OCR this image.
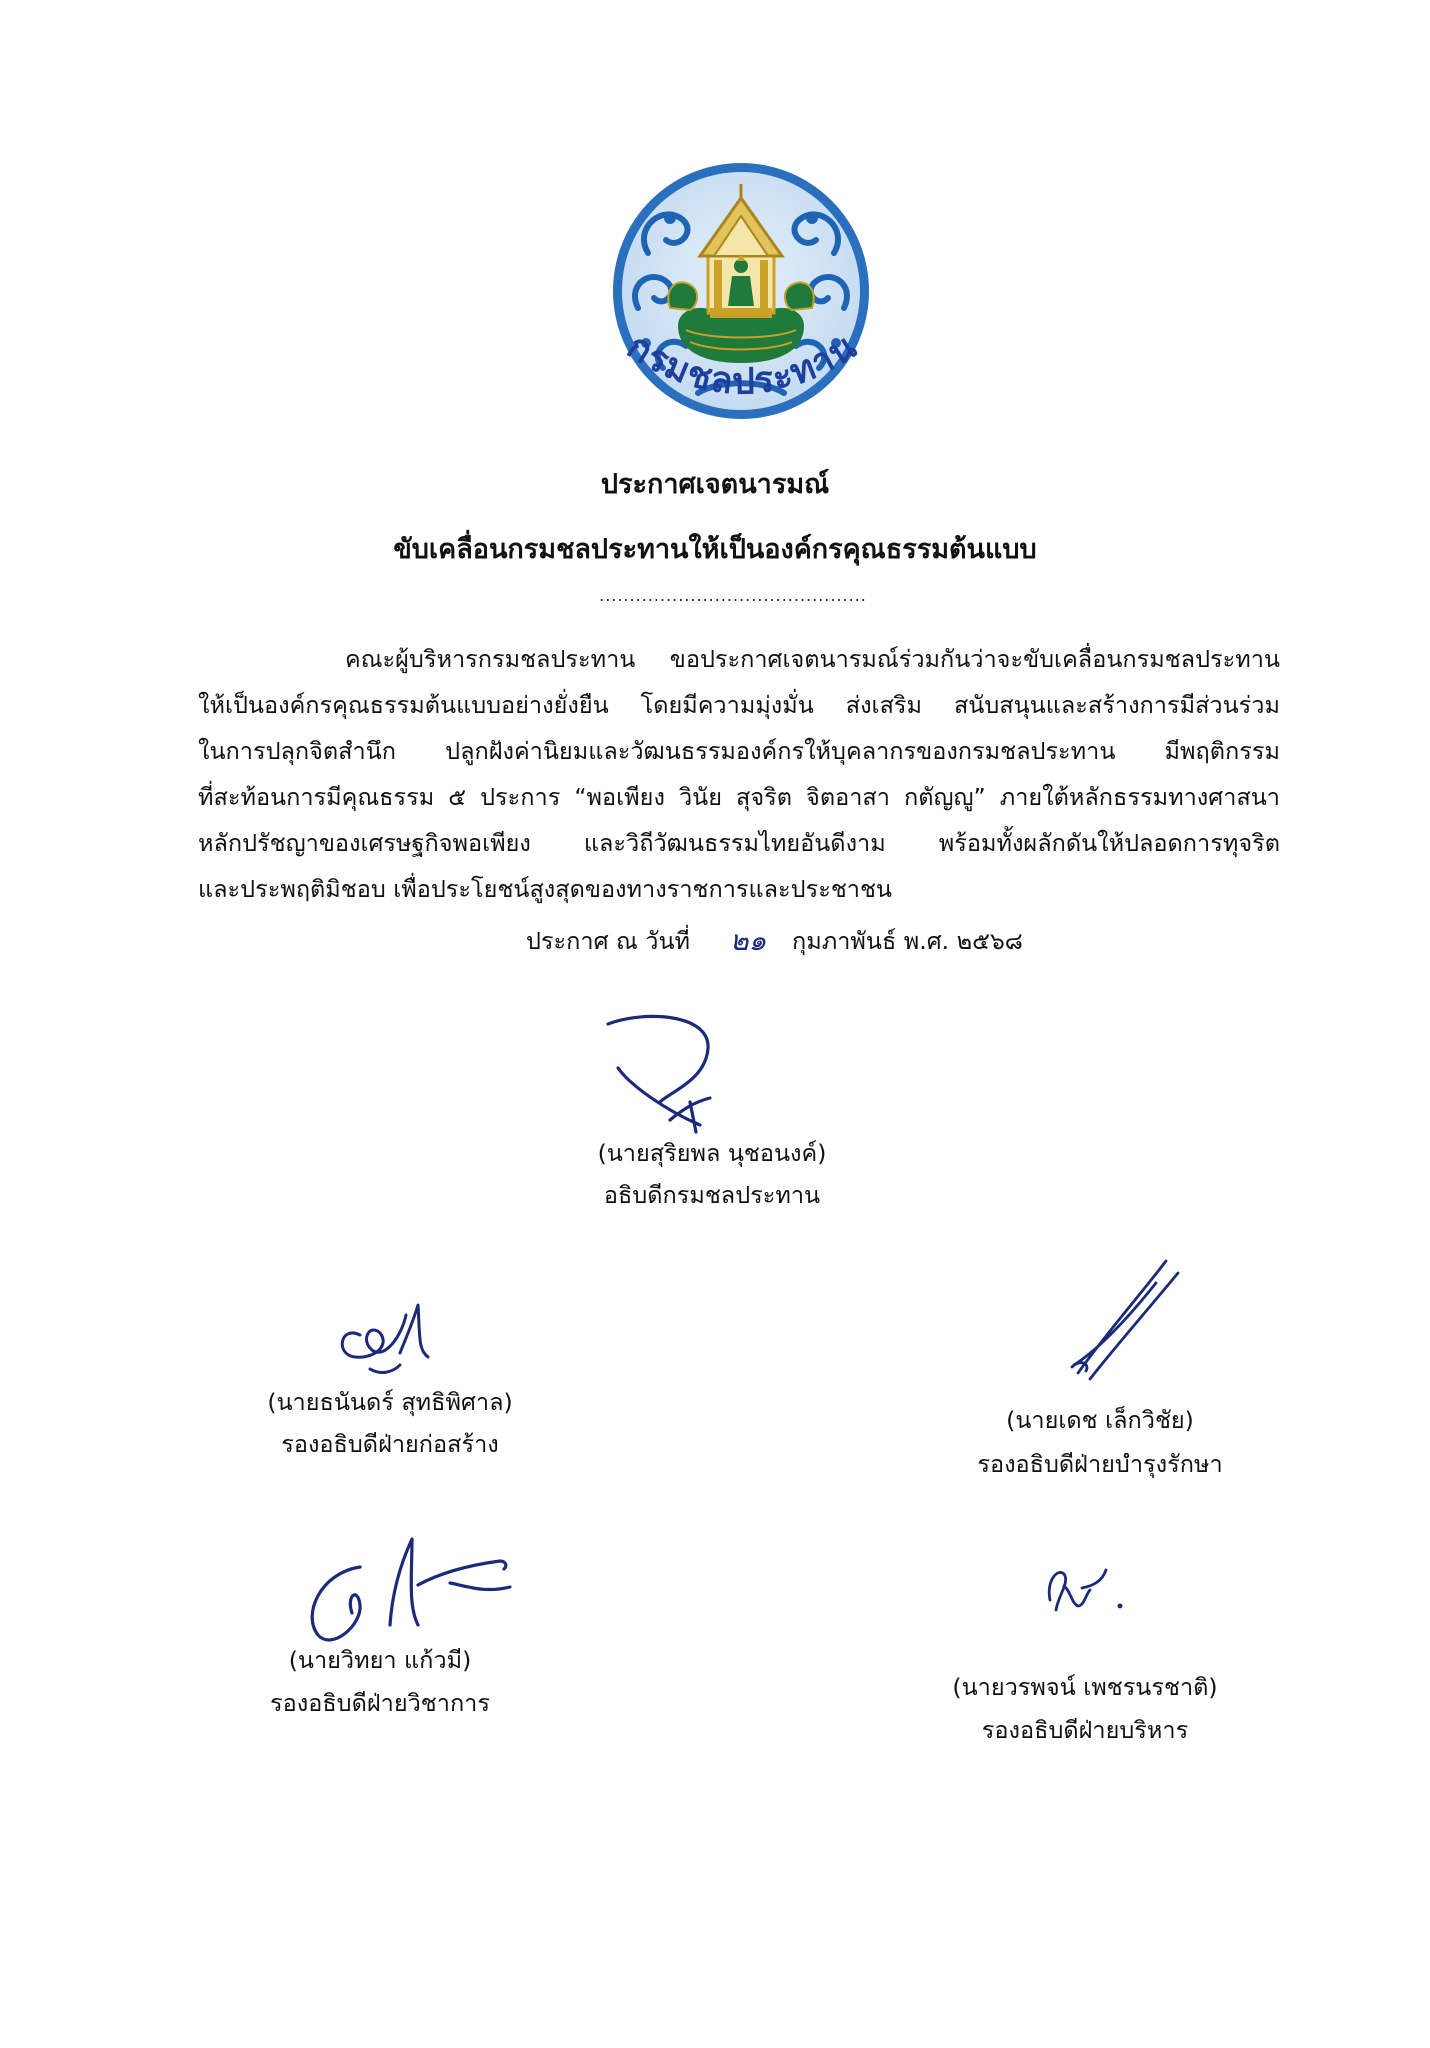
กรมชลประทาน
ประกาศเจตนารมณ์
ขับเคลื่อนกรมชลประทานให้เป็นองค์กรคุณธรรมต้นแบบ
............................................
คณะผู้บริหารกรมชลประทาน ขอประกาศเจตนารมณ์ร่วมกันว่าจะขับเคลื่อนกรมชลประทาน
ให้เป็นองค์กรคุณธรรมต้นแบบอย่างยั่งยืน โดยมีความมุ่งมั่น ส่งเสริม สนับสนุนและสร้างการมีส่วนร่วม
ในการปลุกจิตสำนึก ปลูกฝังค่านิยมและวัฒนธรรมองค์กรให้บุคลากรของกรมชลประทาน มีพฤติกรรม
ที่สะท้อนการมีคุณธรรม ๕ ประการ “พอเพียง วินัย สุจริต จิตอาสา กตัญญู” ภายใต้หลักธรรมทางศาสนา
หลักปรัชญาของเศรษฐกิจพอเพียง และวิถีวัฒนธรรมไทยอันดีงาม พร้อมทั้งผลักดันให้ปลอดการทุจริต
และประพฤติมิชอบ เพื่อประโยชน์สูงสุดของทางราชการและประชาชน
ประกาศ ณ วันที่ ๒๑ กุมภาพันธ์ พ.ศ. ๒๕๖๘
(นายสุริยพล นุชอนงค์)
อธิบดีกรมชลประทาน
(นายธนันดร์ สุทธิพิศาล)
รองอธิบดีฝ่ายก่อสร้าง
(นายเดช เล็กวิชัย)
รองอธิบดีฝ่ายบำรุงรักษา
(นายวิทยา แก้วมี)
รองอธิบดีฝ่ายวิชาการ
(นายวรพจน์ เพชรนรชาติ)
รองอธิบดีฝ่ายบริหาร
